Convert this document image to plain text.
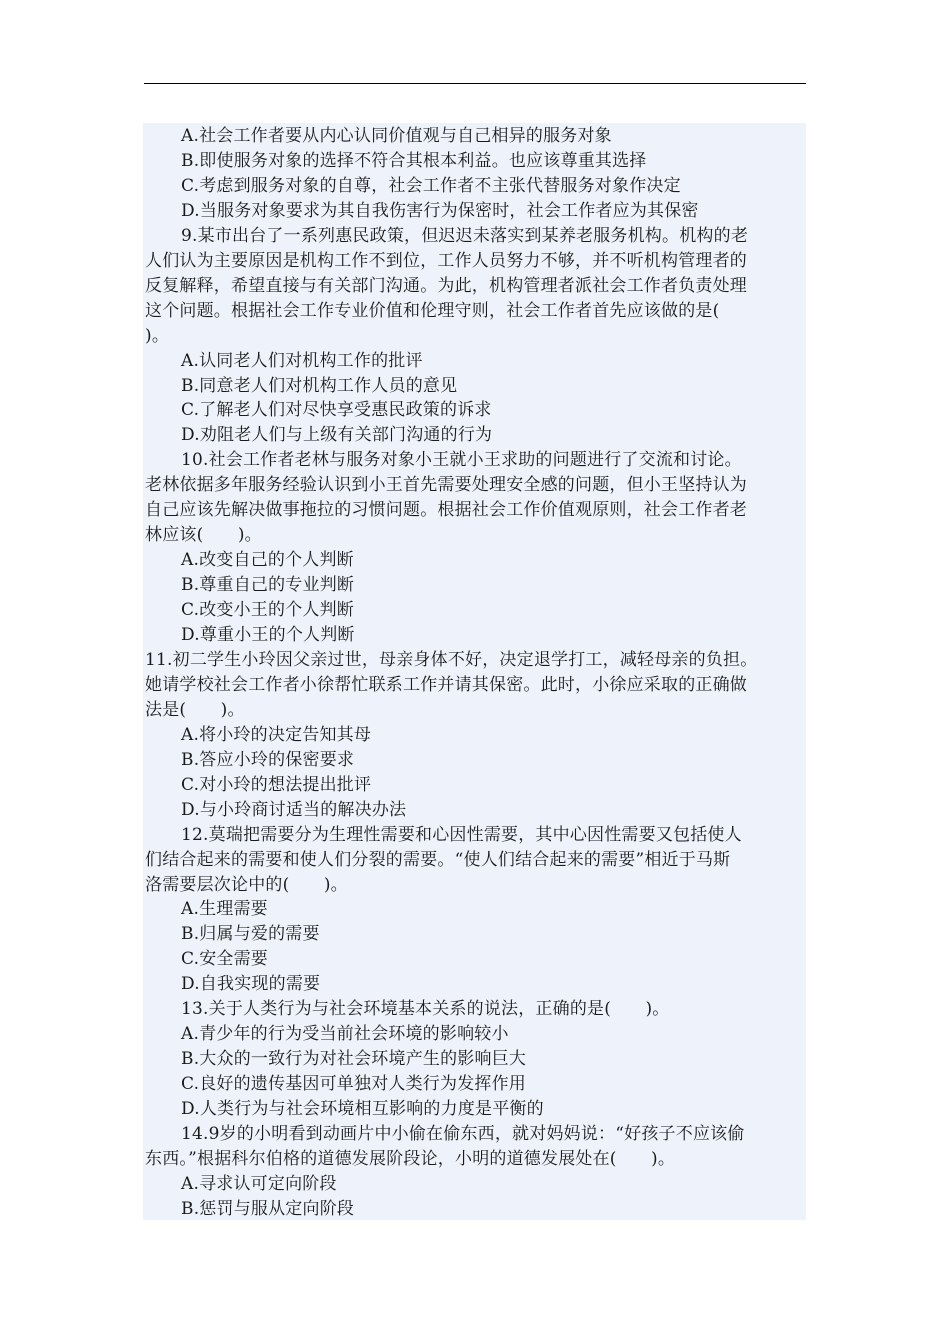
A.社会工作者要从内心认同价值观与自己相异的服务对象
B.即使服务对象的选择不符合其根本利益。也应该尊重其选择
C.考虑到服务对象的自尊，社会工作者不主张代替服务对象作决定
D.当服务对象要求为其自我伤害行为保密时，社会工作者应为其保密
9.某市出台了一系列惠民政策，但迟迟未落实到某养老服务机构。机构的老
人们认为主要原因是机构工作不到位，工作人员努力不够，并不听机构管理者的
反复解释，希望直接与有关部门沟通。为此，机构管理者派社会工作者负责处理
这个问题。根据社会工作专业价值和伦理守则，社会工作者首先应该做的是(
)。
A.认同老人们对机构工作的批评
B.同意老人们对机构工作人员的意见
C.了解老人们对尽快享受惠民政策的诉求
D.劝阻老人们与上级有关部门沟通的行为
10.社会工作者老林与服务对象小王就小王求助的问题进行了交流和讨论。
老林依据多年服务经验认识到小王首先需要处理安全感的问题，但小王坚持认为
自己应该先解决做事拖拉的习惯问题。根据社会工作价值观原则，社会工作者老
林应该(　　)。
A.改变自己的个人判断
B.尊重自己的专业判断
C.改变小王的个人判断
D.尊重小王的个人判断
11.初二学生小玲因父亲过世，母亲身体不好，决定退学打工，减轻母亲的负担。
她请学校社会工作者小徐帮忙联系工作并请其保密。此时，小徐应采取的正确做
法是(　　)。
A.将小玲的决定告知其母
B.答应小玲的保密要求
C.对小玲的想法提出批评
D.与小玲商讨适当的解决办法
12.莫瑞把需要分为生理性需要和心因性需要，其中心因性需要又包括使人
们结合起来的需要和使人们分裂的需要。“使人们结合起来的需要”相近于马斯
洛需要层次论中的(　　)。
A.生理需要
B.归属与爱的需要
C.安全需要
D.自我实现的需要
13.关于人类行为与社会环境基本关系的说法，正确的是(　　)。
A.青少年的行为受当前社会环境的影响较小
B.大众的一致行为对社会环境产生的影响巨大
C.良好的遗传基因可单独对人类行为发挥作用
D.人类行为与社会环境相互影响的力度是平衡的
14.9岁的小明看到动画片中小偷在偷东西，就对妈妈说：“好孩子不应该偷
东西。”根据科尔伯格的道德发展阶段论，小明的道德发展处在(　　)。
A.寻求认可定向阶段
B.惩罚与服从定向阶段
